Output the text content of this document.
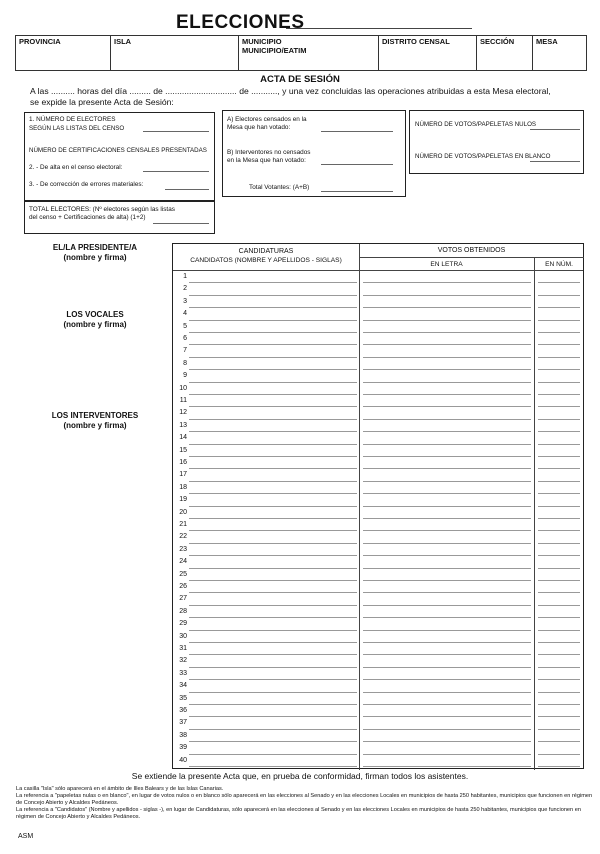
ELECCIONES
PROVINCIA	ISLA	MUNICIPIO
MUNICIPIO/EATIM
DISTRITO CENSAL	SECCIÓN	MESA
ACTA DE SESIÓN
A las .......... horas del día ......... de .............................. de ..........., y una vez concluidas las operaciones atribuidas a esta Mesa electoral,
se expide la presente Acta de Sesión:
1. NÚMERO DE ELECTORES
SEGÚN LAS LISTAS DEL CENSO
NÚMERO DE CERTIFICACIONES CENSALES PRESENTADAS
2. - De alta en el censo electoral:
3. - De corrección de errores materiales:
TOTAL ELECTORES: (Nº electores según las listas
del censo + Certificaciones de alta) (1+2)
A) Electores censados en la
Mesa que han votado:
B) Interventores no censados
en la Mesa que han votado:
Total Votantes: (A+B)
NÚMERO DE VOTOS/PAPELETAS NULOS
NÚMERO DE VOTOS/PAPELETAS EN BLANCO
EL/LA PRESIDENTE/A
(nombre y firma)
LOS VOCALES
(nombre y firma)
LOS INTERVENTORES
(nombre y firma)
CANDIDATURAS
CANDIDATOS (NOMBRE Y APELLIDOS - SIGLAS)
VOTOS OBTENIDOS
EN LETRA	EN NÚM.
1
2
3
4
5
6
7
8
9
10
11
12
13
14
15
16
17
18
19
20
21
22
23
24
25
26
27
28
29
30
31
32
33
34
35
36
37
38
39
40
Se extiende la presente Acta que, en prueba de conformidad, firman todos los asistentes.
La casilla "Isla" sólo aparecerá en el ámbito de Illes Balears y de las Islas Canarias.
La referencia a "papeletas nulas o en blanco", en lugar de votos nulos o en blanco sólo aparecerá en las elecciones al Senado y en las elecciones Locales en municipios de hasta 250 habitantes, municipios que funcionen en régimen de Concejo Abierto y Alcaldes Pedáneos.
La referencia a "Candidatos" (Nombre y apellidos - siglas -), en lugar de Candidaturas, sólo aparecerá en las elecciones al Senado y en las elecciones Locales en municipios de hasta 250 habitantes, municipios que funcionen en régimen de Concejo Abierto y Alcaldes Pedáneos.
ASM
